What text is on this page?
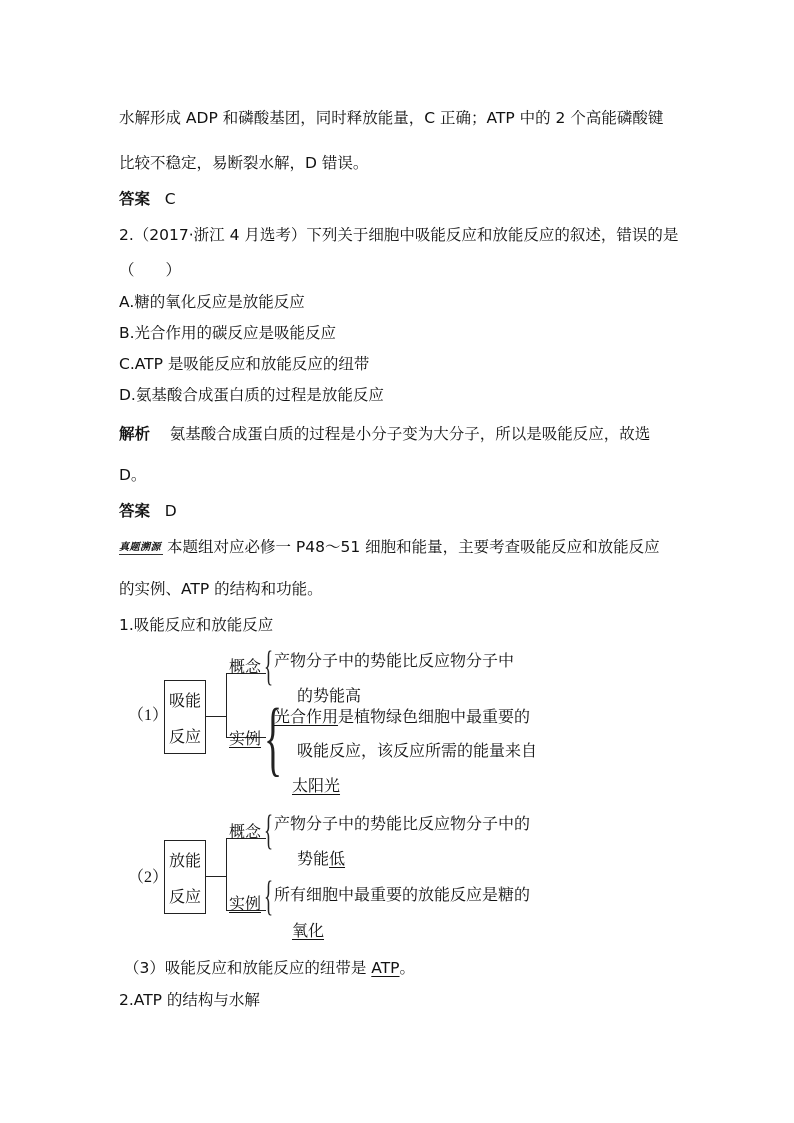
水解形成 ADP 和磷酸基团，同时释放能量，C 正确；ATP 中的 2 个高能磷酸键
比较不稳定，易断裂水解，D 错误。
答案 C
2.（2017·浙江 4 月选考）下列关于细胞中吸能反应和放能反应的叙述，错误的是
（　　）
A.糖的氧化反应是放能反应
B.光合作用的碳反应是吸能反应
C.ATP 是吸能反应和放能反应的纽带
D.氨基酸合成蛋白质的过程是放能反应
解析 氨基酸合成蛋白质的过程是小分子变为大分子，所以是吸能反应，故选
D。
答案 D
真题溯源 本题组对应必修一 P48～51 细胞和能量，主要考查吸能反应和放能反应
的实例、ATP 的结构和功能。
1.吸能反应和放能反应
（1）
吸能
反应
概念 { 产物分子中的势能比反应物分子中
的势能高
实例 {
光合作用是植物绿色细胞中最重要的
吸能反应，该反应所需的能量来自
太阳光
（2）
放能
反应
概念 { 产物分子中的势能比反应物分子中的
势能低
实例 { 所有细胞中最重要的放能反应是糖的
氧化
（3）吸能反应和放能反应的纽带是 ATP。
2.ATP 的结构与水解
